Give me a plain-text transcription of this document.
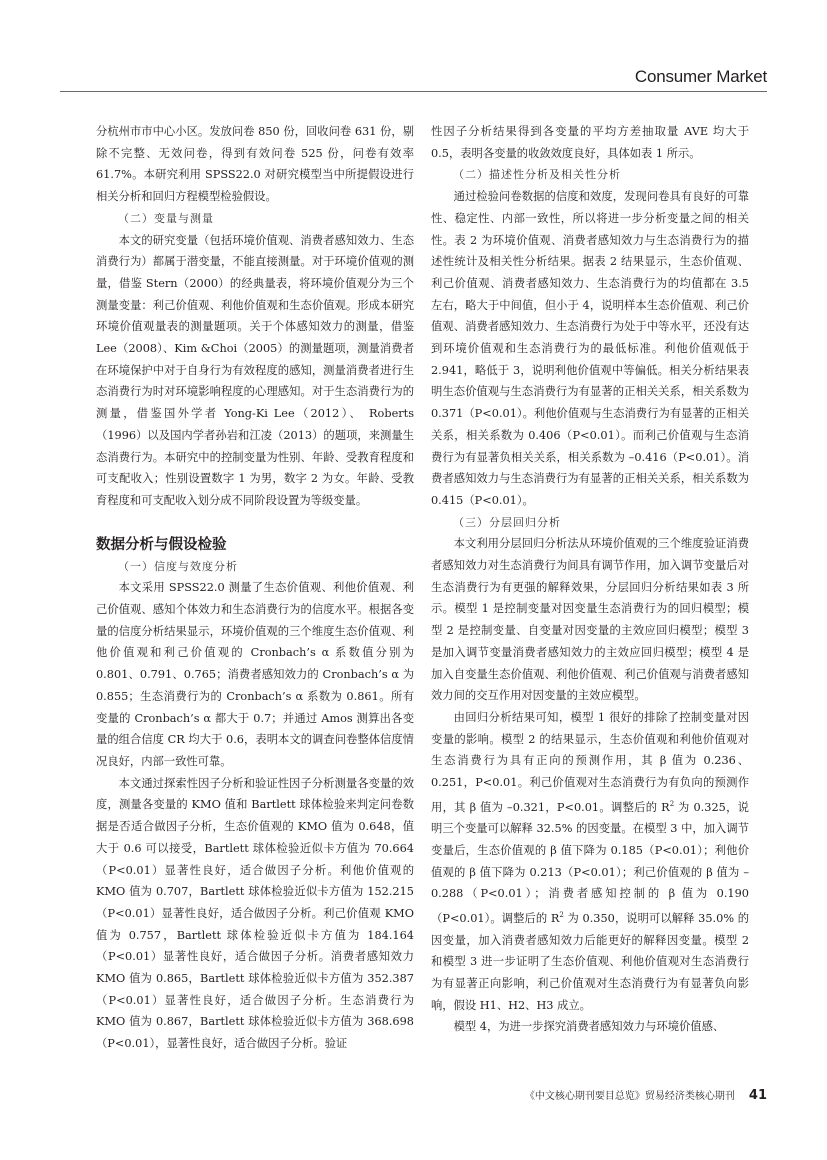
Consumer Market

分杭州市市中心小区。发放问卷 850 份，回收问卷 631 份，剔除不完整、无效问卷，得到有效问卷 525 份，问卷有效率 61.7%。本研究利用 SPSS22.0 对研究模型当中所提假设进行相关分析和回归方程模型检验假设。

（二）变量与测量

本文的研究变量（包括环境价值观、消费者感知效力、生态消费行为）都属于潜变量，不能直接测量。对于环境价值观的测量，借鉴 Stern（2000）的经典量表，将环境价值观分为三个测量变量：利己价值观、利他价值观和生态价值观。形成本研究环境价值观量表的测量题项。关于个体感知效力的测量，借鉴 Lee（2008）、Kim &Choi（2005）的测量题项，测量消费者在环境保护中对于自身行为有效程度的感知，测量消费者进行生态消费行为时对环境影响程度的心理感知。对于生态消费行为的测量，借鉴国外学者 Yong-Ki Lee（2012）、 Roberts（1996）以及国内学者孙岩和江凌（2013）的题项，来测量生态消费行为。本研究中的控制变量为性别、年龄、受教育程度和可支配收入；性别设置数字 1 为男，数字 2 为女。年龄、受教育程度和可支配收入划分成不同阶段设置为等级变量。

数据分析与假设检验

（一）信度与效度分析

本文采用 SPSS22.0 测量了生态价值观、利他价值观、利己价值观、感知个体效力和生态消费行为的信度水平。根据各变量的信度分析结果显示，环境价值观的三个维度生态价值观、利他价值观和利己价值观的 Cronbach’s α 系数值分别为 0.801、0.791、0.765；消费者感知效力的 Cronbach’s α 为 0.855；生态消费行为的 Cronbach’s α 系数为 0.861。所有变量的 Cronbach’s α 都大于 0.7；并通过 Amos 测算出各变量的组合信度 CR 均大于 0.6，表明本文的调查问卷整体信度情况良好，内部一致性可靠。

本文通过探索性因子分析和验证性因子分析测量各变量的效度，测量各变量的 KMO 值和 Bartlett 球体检验来判定问卷数据是否适合做因子分析，生态价值观的 KMO 值为 0.648，值大于 0.6 可以接受，Bartlett 球体检验近似卡方值为 70.664（P<0.01）显著性良好，适合做因子分析。利他价值观的 KMO 值为 0.707，Bartlett 球体检验近似卡方值为 152.215（P<0.01）显著性良好，适合做因子分析。利己价值观 KMO 值为 0.757，Bartlett 球体检验近似卡方值为 184.164（P<0.01）显著性良好，适合做因子分析。消费者感知效力 KMO 值为 0.865，Bartlett 球体检验近似卡方值为 352.387（P<0.01）显著性良好，适合做因子分析。生态消费行为 KMO 值为 0.867，Bartlett 球体检验近似卡方值为 368.698（P<0.01），显著性良好，适合做因子分析。验证

性因子分析结果得到各变量的平均方差抽取量 AVE 均大于 0.5，表明各变量的收敛效度良好，具体如表 1 所示。

（二）描述性分析及相关性分析

通过检验问卷数据的信度和效度，发现问卷具有良好的可靠性、稳定性、内部一致性，所以将进一步分析变量之间的相关性。表 2 为环境价值观、消费者感知效力与生态消费行为的描述性统计及相关性分析结果。据表 2 结果显示，生态价值观、利己价值观、消费者感知效力、生态消费行为的均值都在 3.5 左右，略大于中间值，但小于 4，说明样本生态价值观、利己价值观、消费者感知效力、生态消费行为处于中等水平，还没有达到环境价值观和生态消费行为的最低标准。利他价值观低于 2.941，略低于 3，说明利他价值观中等偏低。相关分析结果表明生态价值观与生态消费行为有显著的正相关关系，相关系数为 0.371（P<0.01）。利他价值观与生态消费行为有显著的正相关关系，相关系数为 0.406（P<0.01）。而利己价值观与生态消费行为有显著负相关关系，相关系数为 –0.416（P<0.01）。消费者感知效力与生态消费行为有显著的正相关关系，相关系数为 0.415（P<0.01）。

（三）分层回归分析

本文利用分层回归分析法从环境价值观的三个维度验证消费者感知效力对生态消费行为间具有调节作用，加入调节变量后对生态消费行为有更强的解释效果，分层回归分析结果如表 3 所示。模型 1 是控制变量对因变量生态消费行为的回归模型；模型 2 是控制变量、自变量对因变量的主效应回归模型；模型 3 是加入调节变量消费者感知效力的主效应回归模型；模型 4 是加入自变量生态价值观、利他价值观、利己价值观与消费者感知效力间的交互作用对因变量的主效应模型。

由回归分析结果可知，模型 1 很好的排除了控制变量对因变量的影响。模型 2 的结果显示，生态价值观和利他价值观对生态消费行为具有正向的预测作用，其 β 值为 0.236、0.251，P<0.01。利己价值观对生态消费行为有负向的预测作用，其 β 值为 –0.321，P<0.01。调整后的 $R^2$ 为 0.325，说明三个变量可以解释 32.5% 的因变量。在模型 3 中，加入调节变量后，生态价值观的 β 值下降为 0.185（P<0.01）；利他价值观的 β 值下降为 0.213（P<0.01）；利己价值观的 β 值为 –0.288（P<0.01）；消费者感知控制的 β 值为 0.190（P<0.01）。调整后的 $R^2$ 为 0.350，说明可以解释 35.0% 的因变量，加入消费者感知效力后能更好的解释因变量。模型 2 和模型 3 进一步证明了生态价值观、利他价值观对生态消费行为有显著正向影响，利己价值观对生态消费行为有显著负向影响，假设 H1、H2、H3 成立。

模型 4，为进一步探究消费者感知效力与环境价值感、

《中文核心期刊要目总览》贸易经济类核心期刊 41
